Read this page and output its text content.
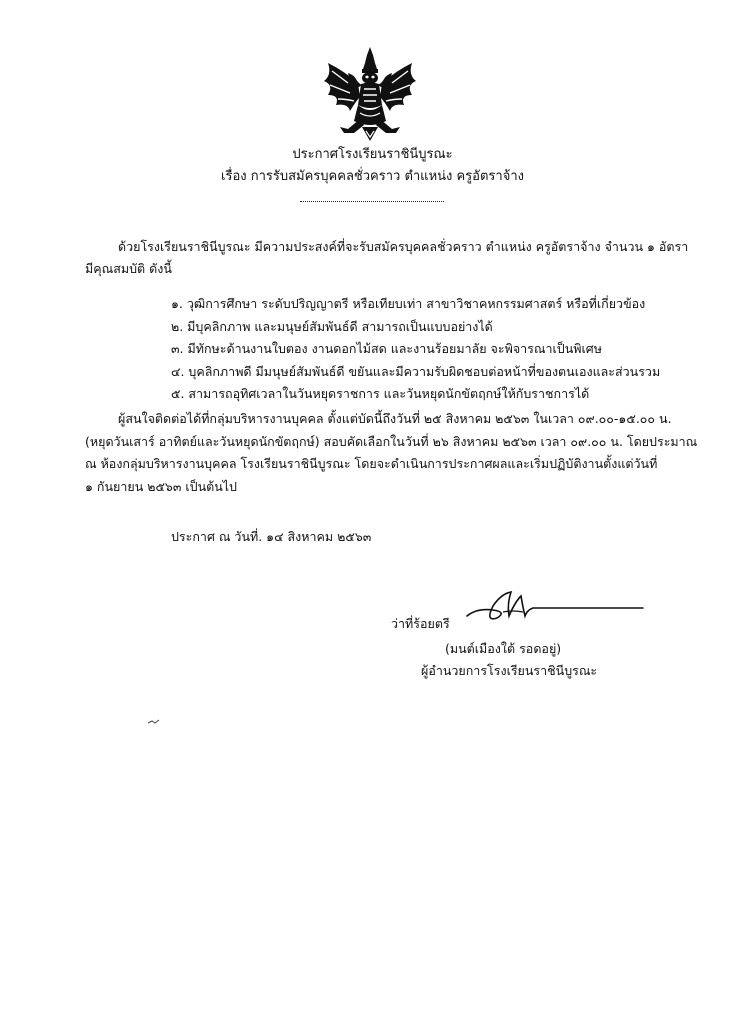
ประกาศโรงเรียนราชินีบูรณะ
เรื่อง การรับสมัครบุคคลชั่วคราว ตำแหน่ง ครูอัตราจ้าง

ด้วยโรงเรียนราชินีบูรณะ มีความประสงค์ที่จะรับสมัครบุคคลชั่วคราว ตำแหน่ง ครูอัตราจ้าง จำนวน ๑ อัตรา

มีคุณสมบัติ ดังนี้

๑. วุฒิการศึกษา ระดับปริญญาตรี หรือเทียบเท่า สาขาวิชาคหกรรมศาสตร์ หรือที่เกี่ยวข้อง
๒. มีบุคลิกภาพ และมนุษย์สัมพันธ์ดี สามารถเป็นแบบอย่างได้
๓. มีทักษะด้านงานใบตอง งานดอกไม้สด และงานร้อยมาลัย จะพิจารณาเป็นพิเศษ
๔. บุคลิกภาพดี มีมนุษย์สัมพันธ์ดี ขยันและมีความรับผิดชอบต่อหน้าที่ของตนเองและส่วนรวม
๕. สามารถอุทิศเวลาในวันหยุดราชการ และวันหยุดนักขัตฤกษ์ให้กับราชการได้
ผู้สนใจติดต่อได้ที่กลุ่มบริหารงานบุคคล ตั้งแต่บัดนี้ถึงวันที่ ๒๕ สิงหาคม ๒๕๖๓ ในเวลา ๐๙.๐๐-๑๕.๐๐ น.
(หยุดวันเสาร์ อาทิตย์และวันหยุดนักขัตฤกษ์) สอบคัดเลือกในวันที่ ๒๖ สิงหาคม ๒๕๖๓ เวลา ๐๙.๐๐ น. โดยประมาณ
ณ ห้องกลุ่มบริหารงานบุคคล โรงเรียนราชินีบูรณะ โดยจะดำเนินการประกาศผลและเริ่มปฏิบัติงานตั้งแต่วันที่
๑ กันยายน ๒๕๖๓ เป็นต้นไป
ประกาศ ณ วันที่. ๑๔ สิงหาคม ๒๕๖๓
ว่าที่ร้อยตรี
(มนต์เมืองใต้ รอดอยู่)
ผู้อำนวยการโรงเรียนราชินีบูรณะ
